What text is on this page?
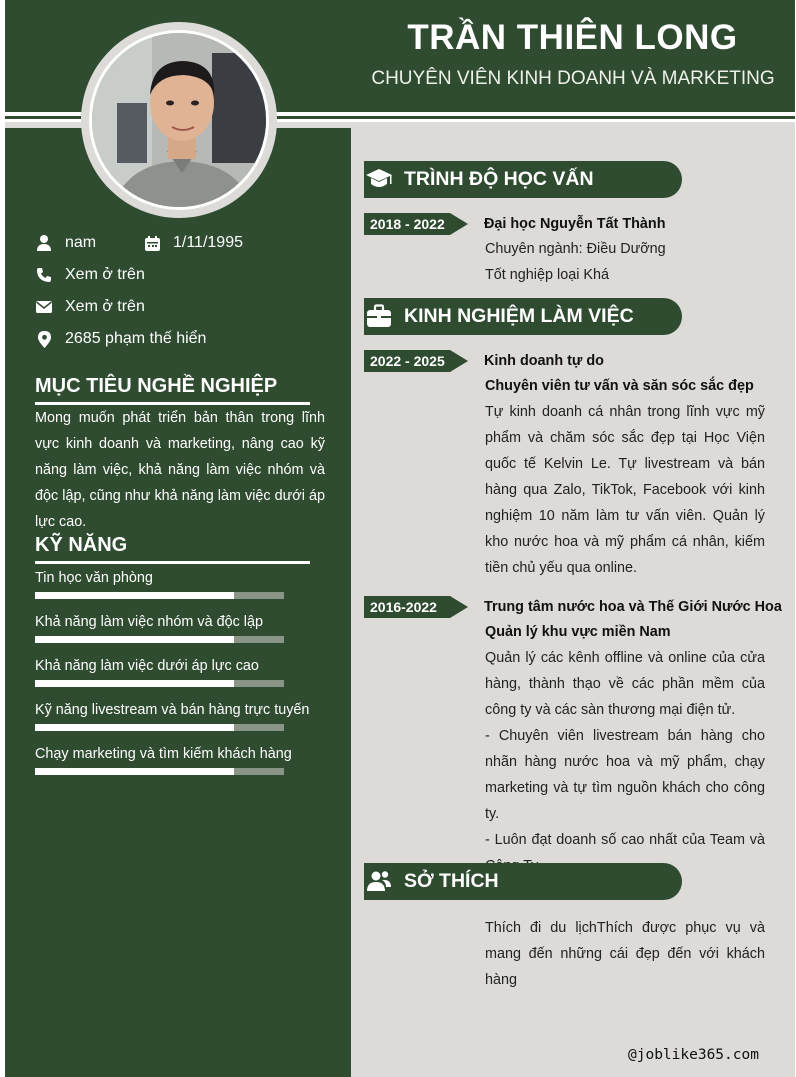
TRẦN THIÊN LONG
CHUYÊN VIÊN KINH DOANH VÀ MARKETING
nam	1/11/1995
Xem ở trên
Xem ở trên
2685 phạm thế hiển
MỤC TIÊU NGHỀ NGHIỆP
Mong muốn phát triển bản thân trong lĩnh vực kinh doanh và marketing, nâng cao kỹ năng làm việc, khả năng làm việc nhóm và độc lập, cũng như khả năng làm việc dưới áp lực cao.
KỸ NĂNG
Tin học văn phòng
Khả năng làm việc nhóm và độc lập
Khả năng làm việc dưới áp lực cao
Kỹ năng livestream và bán hàng trực tuyến
Chạy marketing và tìm kiếm khách hàng
TRÌNH ĐỘ HỌC VẤN
2018 - 2022	Đại học Nguyễn Tất Thành
Chuyên ngành: Điều Dưỡng
Tốt nghiệp loại Khá
KINH NGHIỆM LÀM VIỆC
2022 - 2025	Kinh doanh tự do
Chuyên viên tư vấn và săn sóc sắc đẹp
Tự kinh doanh cá nhân trong lĩnh vực mỹ phẩm và chăm sóc sắc đẹp tại Học Viện quốc tế Kelvin Le. Tự livestream và bán hàng qua Zalo, TikTok, Facebook với kinh nghiệm 10 năm làm tư vấn viên. Quản lý kho nước hoa và mỹ phẩm cá nhân, kiếm tiền chủ yếu qua online.
2016-2022	Trung tâm nước hoa và Thế Giới Nước Hoa
Quản lý khu vực miền Nam
Quản lý các kênh offline và online của cửa hàng, thành thạo về các phần mềm của công ty và các sàn thương mại điện tử.
- Chuyên viên livestream bán hàng cho nhãn hàng nước hoa và mỹ phẩm, chạy marketing và tự tìm nguồn khách cho công ty.
- Luôn đạt doanh số cao nhất của Team và
SỞ THÍCH
Thích đi du lịchThích được phục vụ và mang đến những cái đẹp đến với khách hàng
@joblike365.com
